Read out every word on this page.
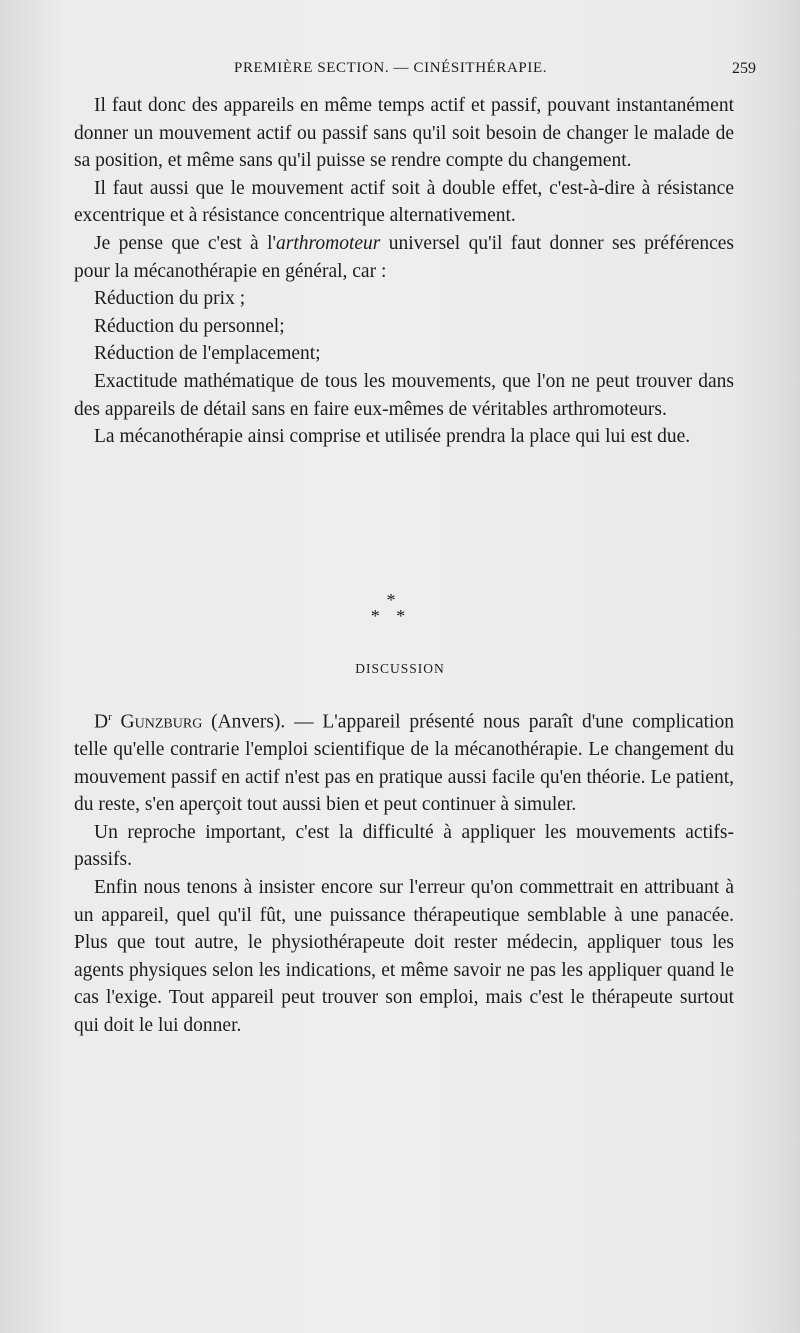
PREMIÈRE SECTION. — CINÉSITHÉRAPIE.	259

Il faut donc des appareils en même temps actif et passif, pouvant instantanément donner un mouvement actif ou passif sans qu'il soit besoin de changer le malade de sa position, et même sans qu'il puisse se rendre compte du changement.

Il faut aussi que le mouvement actif soit à double effet, c'est-à-dire à résistance excentrique et à résistance concentrique alternativement.

Je pense que c'est à l'arthromoteur universel qu'il faut donner ses préférences pour la mécanothérapie en général, car :

Réduction du prix ;

Réduction du personnel;

Réduction de l'emplacement;

Exactitude mathématique de tous les mouvements, que l'on ne peut trouver dans des appareils de détail sans en faire eux-mêmes de véritables arthromoteurs.

La mécanothérapie ainsi comprise et utilisée prendra la place qui lui est due.

*
* *
DISCUSSION

$D^r$ Gunzburg (Anvers). — L'appareil présenté nous paraît d'une complication telle qu'elle contrarie l'emploi scientifique de la mécanothérapie. Le changement du mouvement passif en actif n'est pas en pratique aussi facile qu'en théorie. Le patient, du reste, s'en aperçoit tout aussi bien et peut continuer à simuler.

Un reproche important, c'est la difficulté à appliquer les mouvements actifs-passifs.

Enfin nous tenons à insister encore sur l'erreur qu'on commettrait en attribuant à un appareil, quel qu'il fût, une puissance thérapeutique semblable à une panacée. Plus que tout autre, le physiothérapeute doit rester médecin, appliquer tous les agents physiques selon les indications, et même savoir ne pas les appliquer quand le cas l'exige. Tout appareil peut trouver son emploi, mais c'est le thérapeute surtout qui doit le lui donner.
